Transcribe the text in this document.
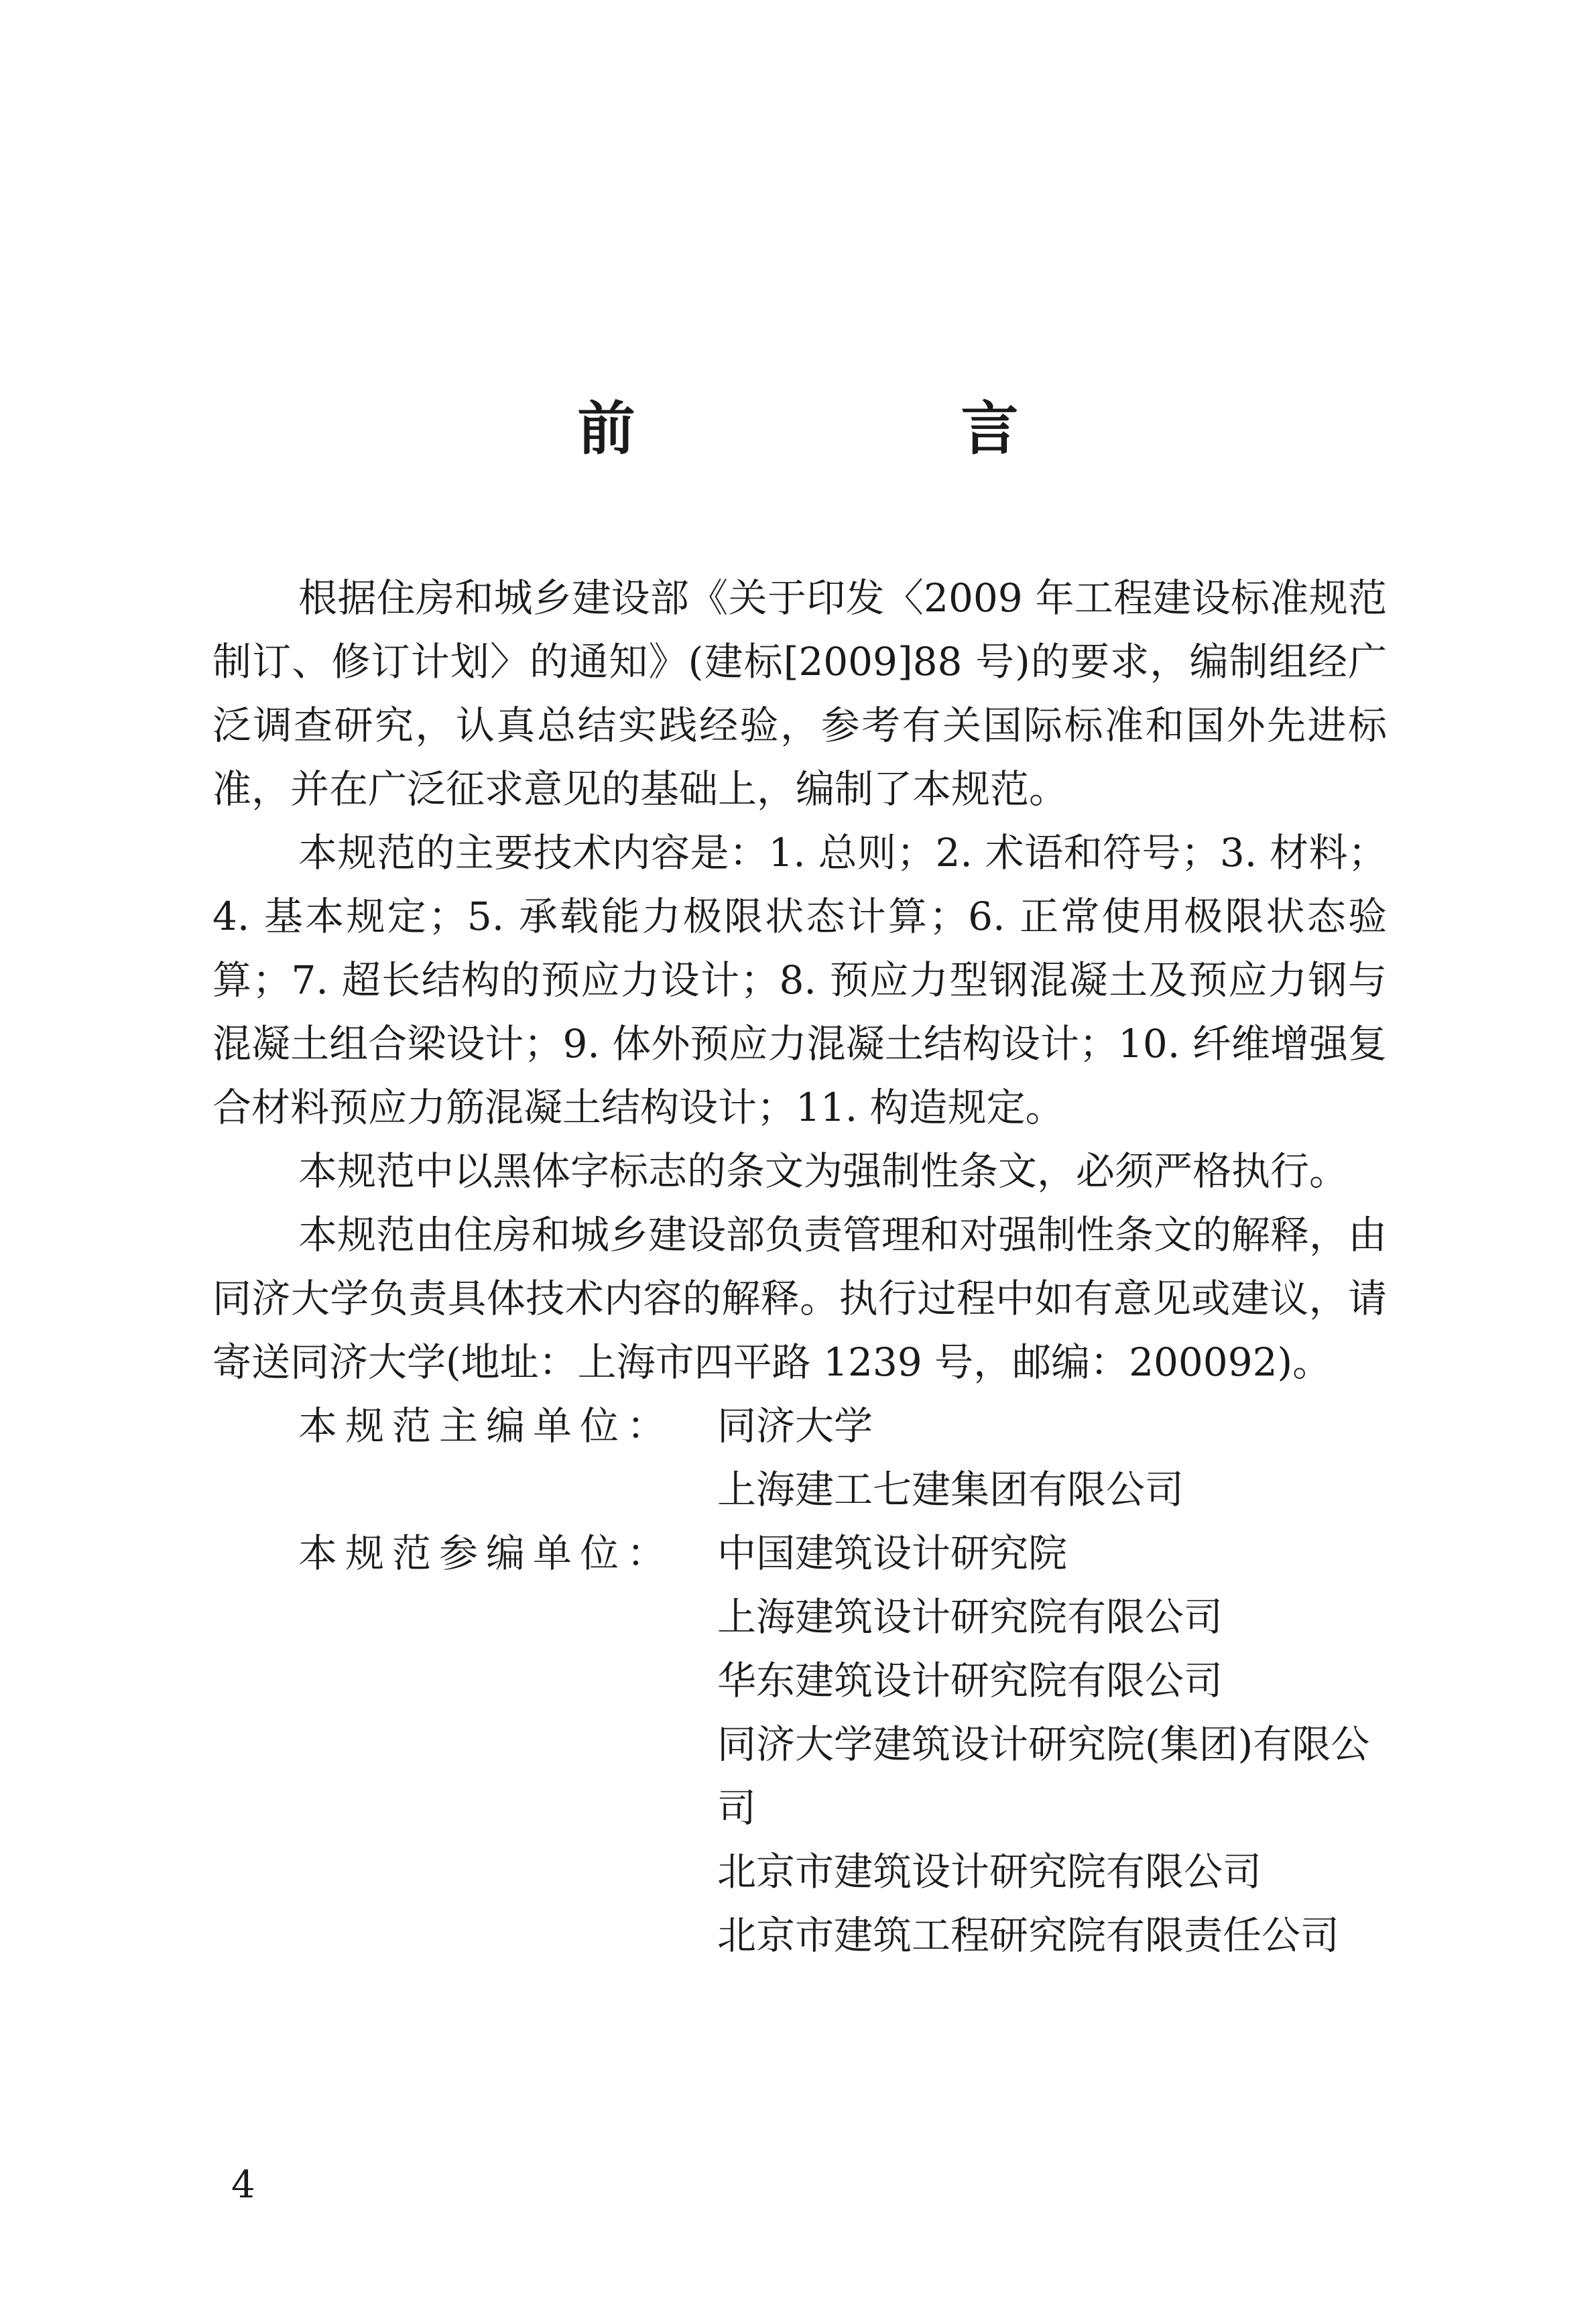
前　言

根据住房和城乡建设部《关于印发〈2009 年工程建设标准规范制订、修订计划〉的通知》(建标[2009]88 号)的要求，编制组经广泛调查研究，认真总结实践经验，参考有关国际标准和国外先进标准，并在广泛征求意见的基础上，编制了本规范。

本规范的主要技术内容是：1. 总则；2. 术语和符号；3. 材料；4. 基本规定；5. 承载能力极限状态计算；6. 正常使用极限状态验算；7. 超长结构的预应力设计；8. 预应力型钢混凝土及预应力钢与混凝土组合梁设计；9. 体外预应力混凝土结构设计；10. 纤维增强复合材料预应力筋混凝土结构设计；11. 构造规定。

本规范中以黑体字标志的条文为强制性条文，必须严格执行。

本规范由住房和城乡建设部负责管理和对强制性条文的解释，由同济大学负责具体技术内容的解释。执行过程中如有意见或建议，请寄送同济大学(地址：上海市四平路 1239 号，邮编：200092)。

本规范主编单位：	同济大学
上海建工七建集团有限公司
本规范参编单位：	中国建筑设计研究院
上海建筑设计研究院有限公司
华东建筑设计研究院有限公司
同济大学建筑设计研究院(集团)有限公司
北京市建筑设计研究院有限公司
北京市建筑工程研究院有限责任公司
4
